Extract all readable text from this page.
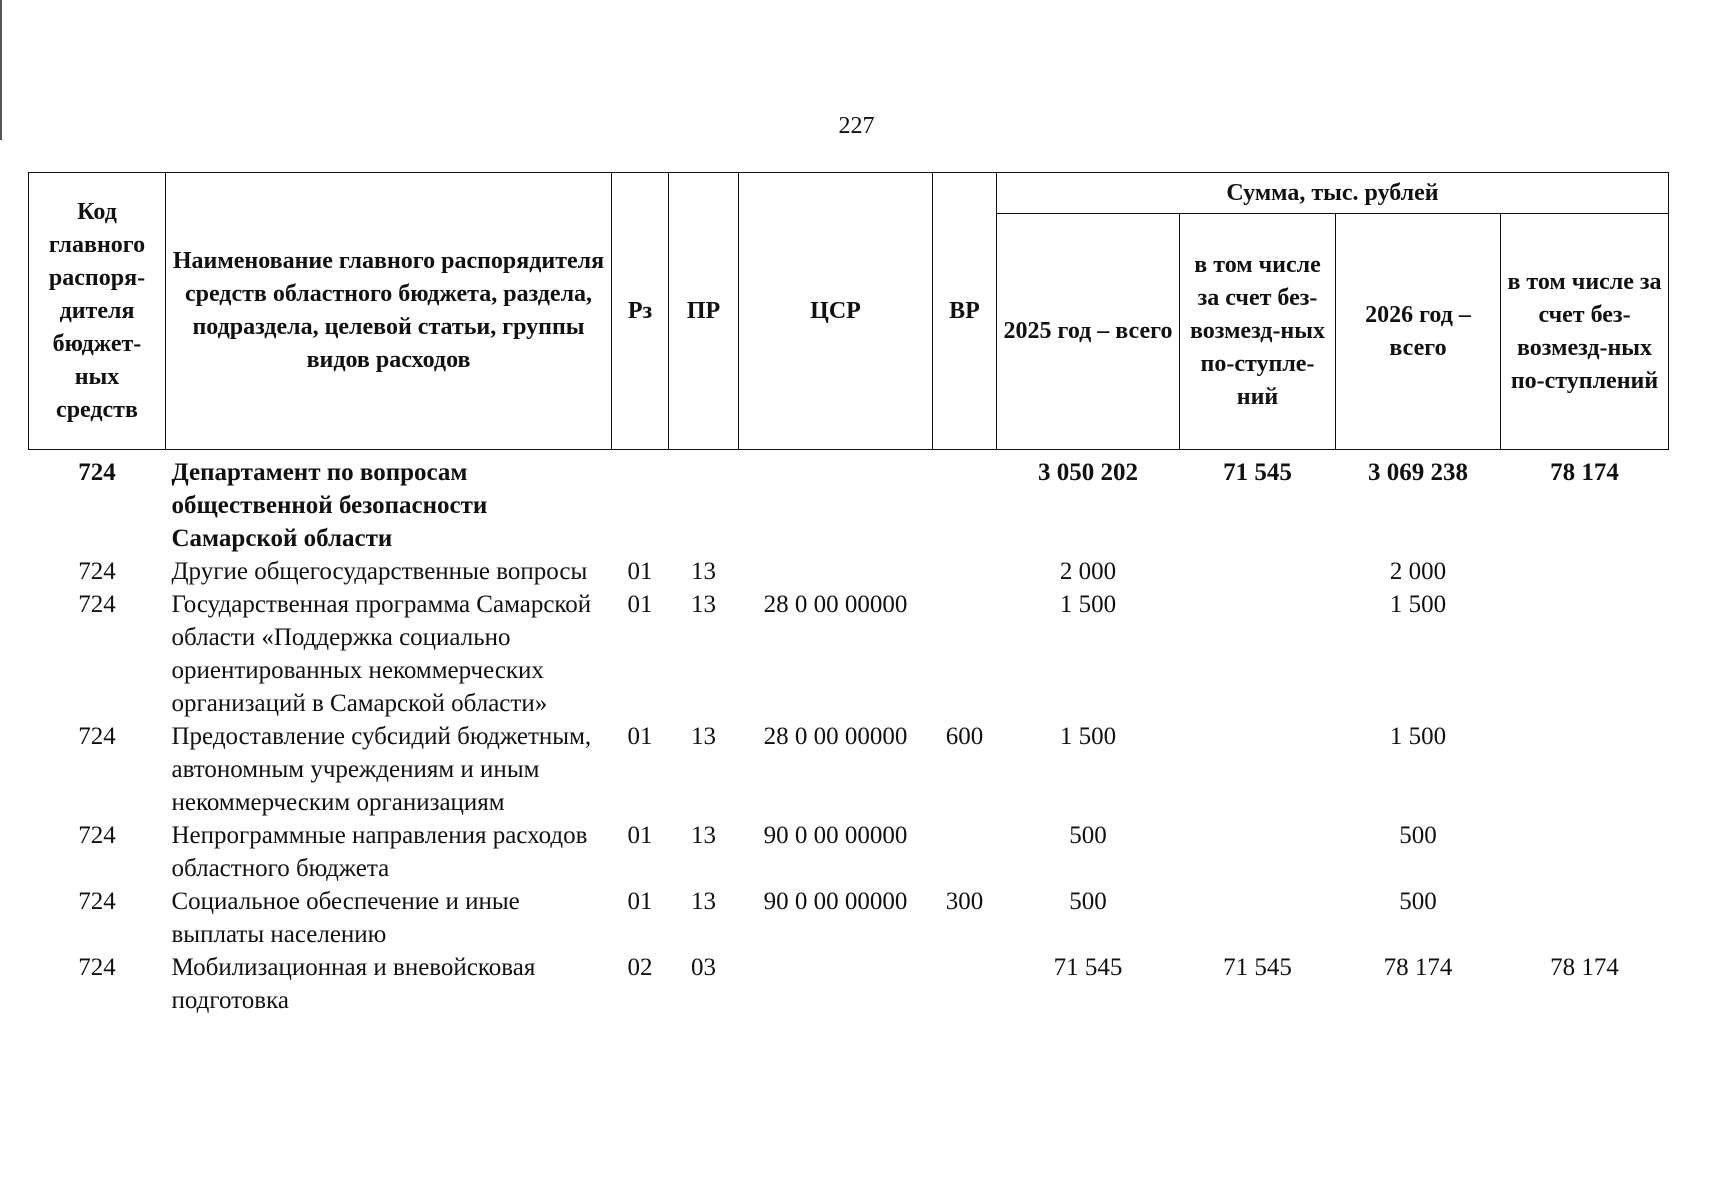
227
Код главного распоря-дителя бюджет-ных средств	Наименование главного распорядителя средств областного бюджета, раздела, подраздела, целевой статьи, группы видов расходов	Рз	ПР	ЦСР	ВР	Сумма, тыс. рублей			
						2025 год – всего	в том числе за счет без-возмезд-ных по-ступле-ний	2026 год – всего	в том числе за счет без-возмезд-ных по-ступлений
724	Департамент по вопросам общественной безопасности Самарской области					3 050 202	71 545	3 069 238	78 174
724	Другие общегосударственные вопросы	01	13			2 000		2 000	
724	Государственная программа Самарской области «Поддержка социально ориентированных некоммерческих организаций в Самарской области»	01	13	28 0 00 00000		1 500		1 500	
724	Предоставление субсидий бюджетным, автономным учреждениям и иным некоммерческим организациям	01	13	28 0 00 00000	600	1 500		1 500	
724	Непрограммные направления расходов областного бюджета	01	13	90 0 00 00000		500		500	
724	Социальное обеспечение и иные выплаты населению	01	13	90 0 00 00000	300	500		500	
724	Мобилизационная и вневойсковая подготовка	02	03			71 545	71 545	78 174	78 174
